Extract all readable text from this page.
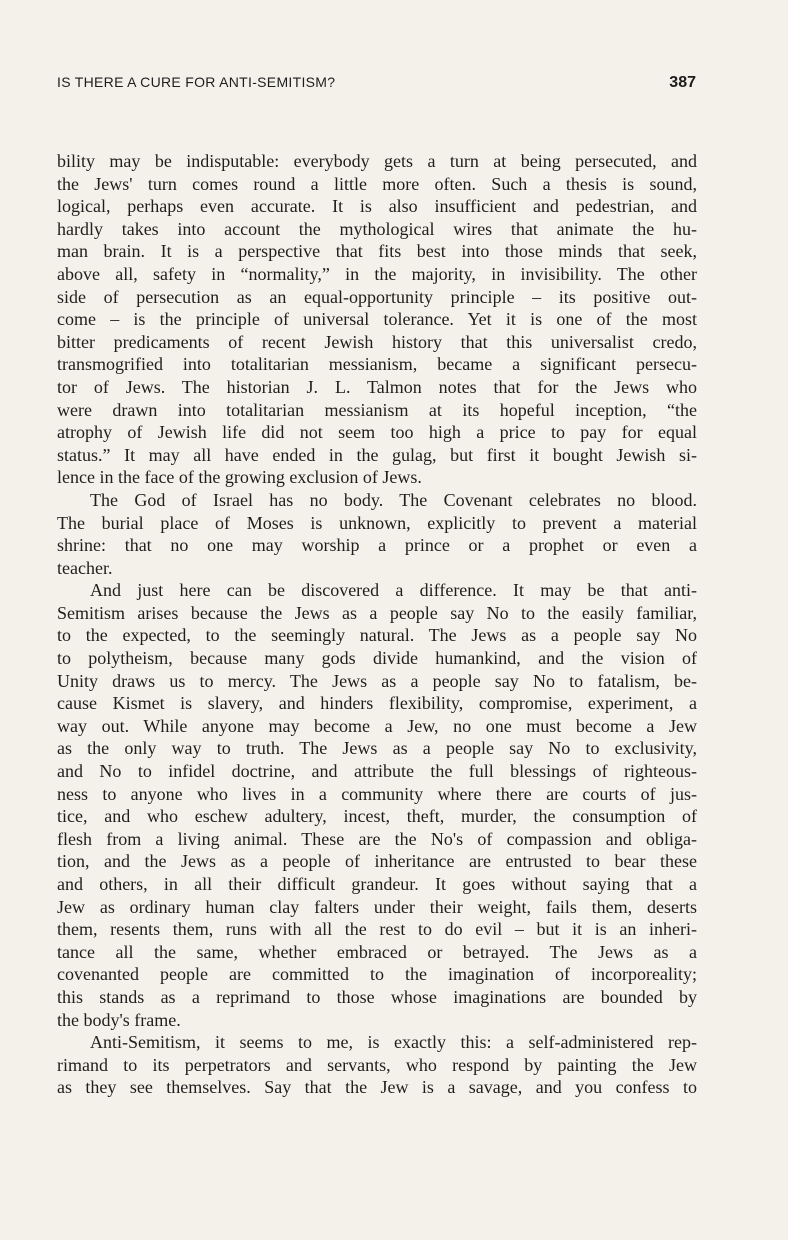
IS THERE A CURE FOR ANTI-SEMITISM?	387

bility may be indisputable: everybody gets a turn at being persecuted, and
the Jews' turn comes round a little more often. Such a thesis is sound,
logical, perhaps even accurate. It is also insufficient and pedestrian, and
hardly takes into account the mythological wires that animate the hu-
man brain. It is a perspective that fits best into those minds that seek,
above all, safety in “normality,” in the majority, in invisibility. The other
side of persecution as an equal-opportunity principle – its positive out-
come – is the principle of universal tolerance. Yet it is one of the most
bitter predicaments of recent Jewish history that this universalist credo,
transmogrified into totalitarian messianism, became a significant persecu-
tor of Jews. The historian J. L. Talmon notes that for the Jews who
were drawn into totalitarian messianism at its hopeful inception, “the
atrophy of Jewish life did not seem too high a price to pay for equal
status.” It may all have ended in the gulag, but first it bought Jewish si-
lence in the face of the growing exclusion of Jews.

The God of Israel has no body. The Covenant celebrates no blood.
The burial place of Moses is unknown, explicitly to prevent a material
shrine: that no one may worship a prince or a prophet or even a
teacher.

And just here can be discovered a difference. It may be that anti-
Semitism arises because the Jews as a people say No to the easily familiar,
to the expected, to the seemingly natural. The Jews as a people say No
to polytheism, because many gods divide humankind, and the vision of
Unity draws us to mercy. The Jews as a people say No to fatalism, be-
cause Kismet is slavery, and hinders flexibility, compromise, experiment, a
way out. While anyone may become a Jew, no one must become a Jew
as the only way to truth. The Jews as a people say No to exclusivity,
and No to infidel doctrine, and attribute the full blessings of righteous-
ness to anyone who lives in a community where there are courts of jus-
tice, and who eschew adultery, incest, theft, murder, the consumption of
flesh from a living animal. These are the No's of compassion and obliga-
tion, and the Jews as a people of inheritance are entrusted to bear these
and others, in all their difficult grandeur. It goes without saying that a
Jew as ordinary human clay falters under their weight, fails them, deserts
them, resents them, runs with all the rest to do evil – but it is an inheri-
tance all the same, whether embraced or betrayed. The Jews as a
covenanted people are committed to the imagination of incorporeality;
this stands as a reprimand to those whose imaginations are bounded by
the body's frame.

Anti-Semitism, it seems to me, is exactly this: a self-administered rep-
rimand to its perpetrators and servants, who respond by painting the Jew
as they see themselves. Say that the Jew is a savage, and you confess to
